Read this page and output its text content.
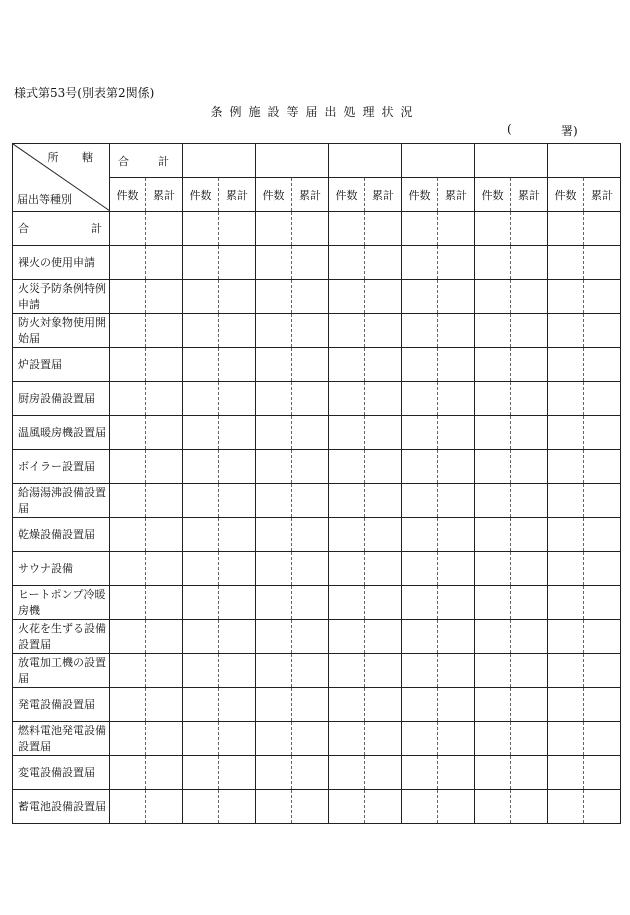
様式第53号(別表第2関係)
条例施設等届出処理状況
(	署)
所 轄
届出等種別	合 計													
	件数	累計	件数	累計	件数	累計	件数	累計	件数	累計	件数	累計	件数	累計

合 計														

裸火の使用申請														
火災予防条例特例申請														
防火対象物使用開始届														
炉設置届														
厨房設備設置届														
温風暖房機設置届														
ボイラー設置届														
給湯湯沸設備設置届														
乾燥設備設置届														
サウナ設備														
ヒートポンプ冷暖房機														
火花を生ずる設備設置届														
放電加工機の設置届														
発電設備設置届														
燃料電池発電設備設置届														
変電設備設置届														
蓄電池設備設置届														
